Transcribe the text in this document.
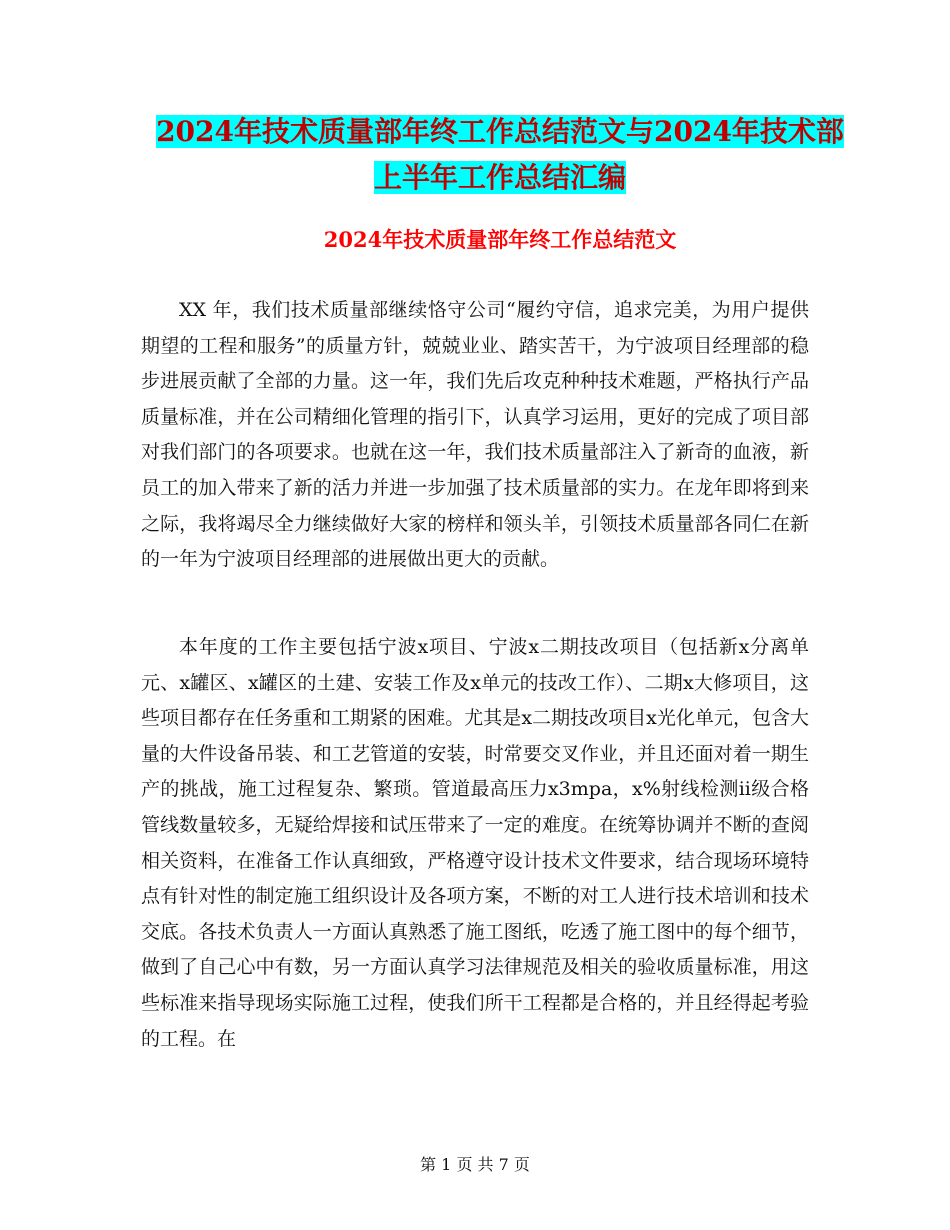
2024年技术质量部年终工作总结范文与2024年技术部
上半年工作总结汇编
2024年技术质量部年终工作总结范文

XX 年，我们技术质量部继续恪守公司“履约守信，追求完美，为用户提供期望的工程和服务”的质量方针，兢兢业业、踏实苦干，为宁波项目经理部的稳步进展贡献了全部的力量。这一年，我们先后攻克种种技术难题，严格执行产品质量标准，并在公司精细化管理的指引下，认真学习运用，更好的完成了项目部对我们部门的各项要求。也就在这一年，我们技术质量部注入了新奇的血液，新员工的加入带来了新的活力并进一步加强了技术质量部的实力。在龙年即将到来之际，我将竭尽全力继续做好大家的榜样和领头羊，引领技术质量部各同仁在新的一年为宁波项目经理部的进展做出更大的贡献。

本年度的工作主要包括宁波x项目、宁波x二期技改项目（包括新x分离单元、x罐区、x罐区的土建、安装工作及x单元的技改工作）、二期x大修项目，这些项目都存在任务重和工期紧的困难。尤其是x二期技改项目x光化单元，包含大量的大件设备吊装、和工艺管道的安装，时常要交叉作业，并且还面对着一期生产的挑战，施工过程复杂、繁琐。管道最高压力x3mpa，x%射线检测ii级合格管线数量较多，无疑给焊接和试压带来了一定的难度。在统筹协调并不断的查阅相关资料，在准备工作认真细致，严格遵守设计技术文件要求，结合现场环境特点有针对性的制定施工组织设计及各项方案，不断的对工人进行技术培训和技术交底。各技术负责人一方面认真熟悉了施工图纸，吃透了施工图中的每个细节，做到了自己心中有数，另一方面认真学习法律规范及相关的验收质量标准，用这些标准来指导现场实际施工过程，使我们所干工程都是合格的，并且经得起考验的工程。在

第 1 页 共 7 页
